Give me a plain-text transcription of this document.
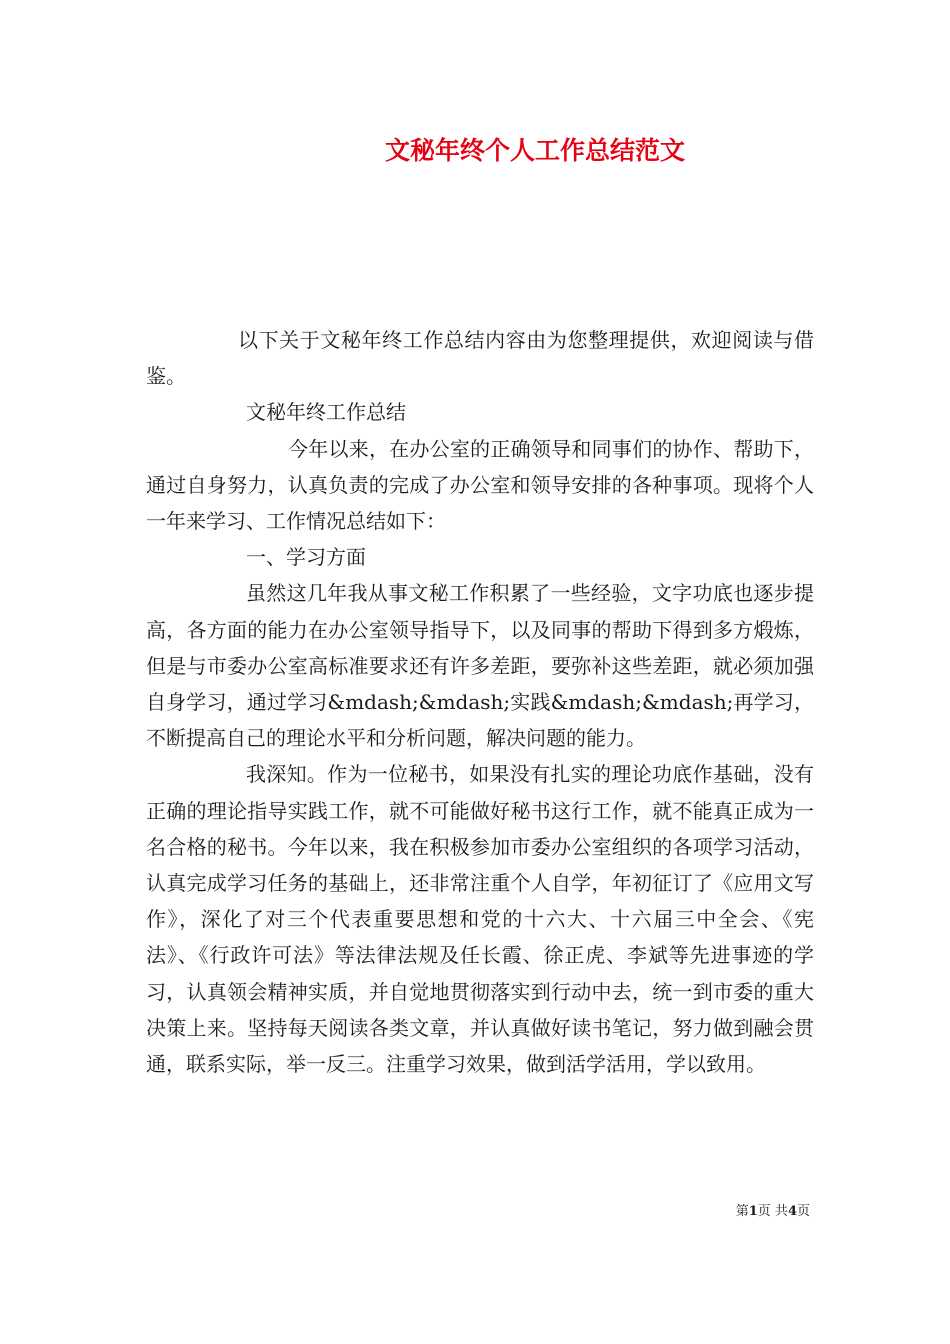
文秘年终个人工作总结范文

以下关于文秘年终工作总结内容由为您整理提供，欢迎阅读与借鉴。

文秘年终工作总结

今年以来，在办公室的正确领导和同事们的协作、帮助下，通过自身努力，认真负责的完成了办公室和领导安排的各种事项。现将个人一年来学习、工作情况总结如下：

一、学习方面

虽然这几年我从事文秘工作积累了一些经验，文字功底也逐步提高，各方面的能力在办公室领导指导下，以及同事的帮助下得到多方煅炼，但是与市委办公室高标准要求还有许多差距，要弥补这些差距，就必须加强自身学习，通过学习&mdash;&mdash;实践&mdash;&mdash;再学习，不断提高自己的理论水平和分析问题，解决问题的能力。

我深知。作为一位秘书，如果没有扎实的理论功底作基础，没有正确的理论指导实践工作，就不可能做好秘书这行工作，就不能真正成为一名合格的秘书。今年以来，我在积极参加市委办公室组织的各项学习活动，认真完成学习任务的基础上，还非常注重个人自学，年初征订了《应用文写作》，深化了对三个代表重要思想和党的十六大、十六届三中全会、《宪法》、《行政许可法》等法律法规及任长霞、徐正虎、李斌等先进事迹的学习，认真领会精神实质，并自觉地贯彻落实到行动中去，统一到市委的重大决策上来。坚持每天阅读各类文章，并认真做好读书笔记，努力做到融会贯通，联系实际，举一反三。注重学习效果，做到活学活用，学以致用。

第1页 共4页
